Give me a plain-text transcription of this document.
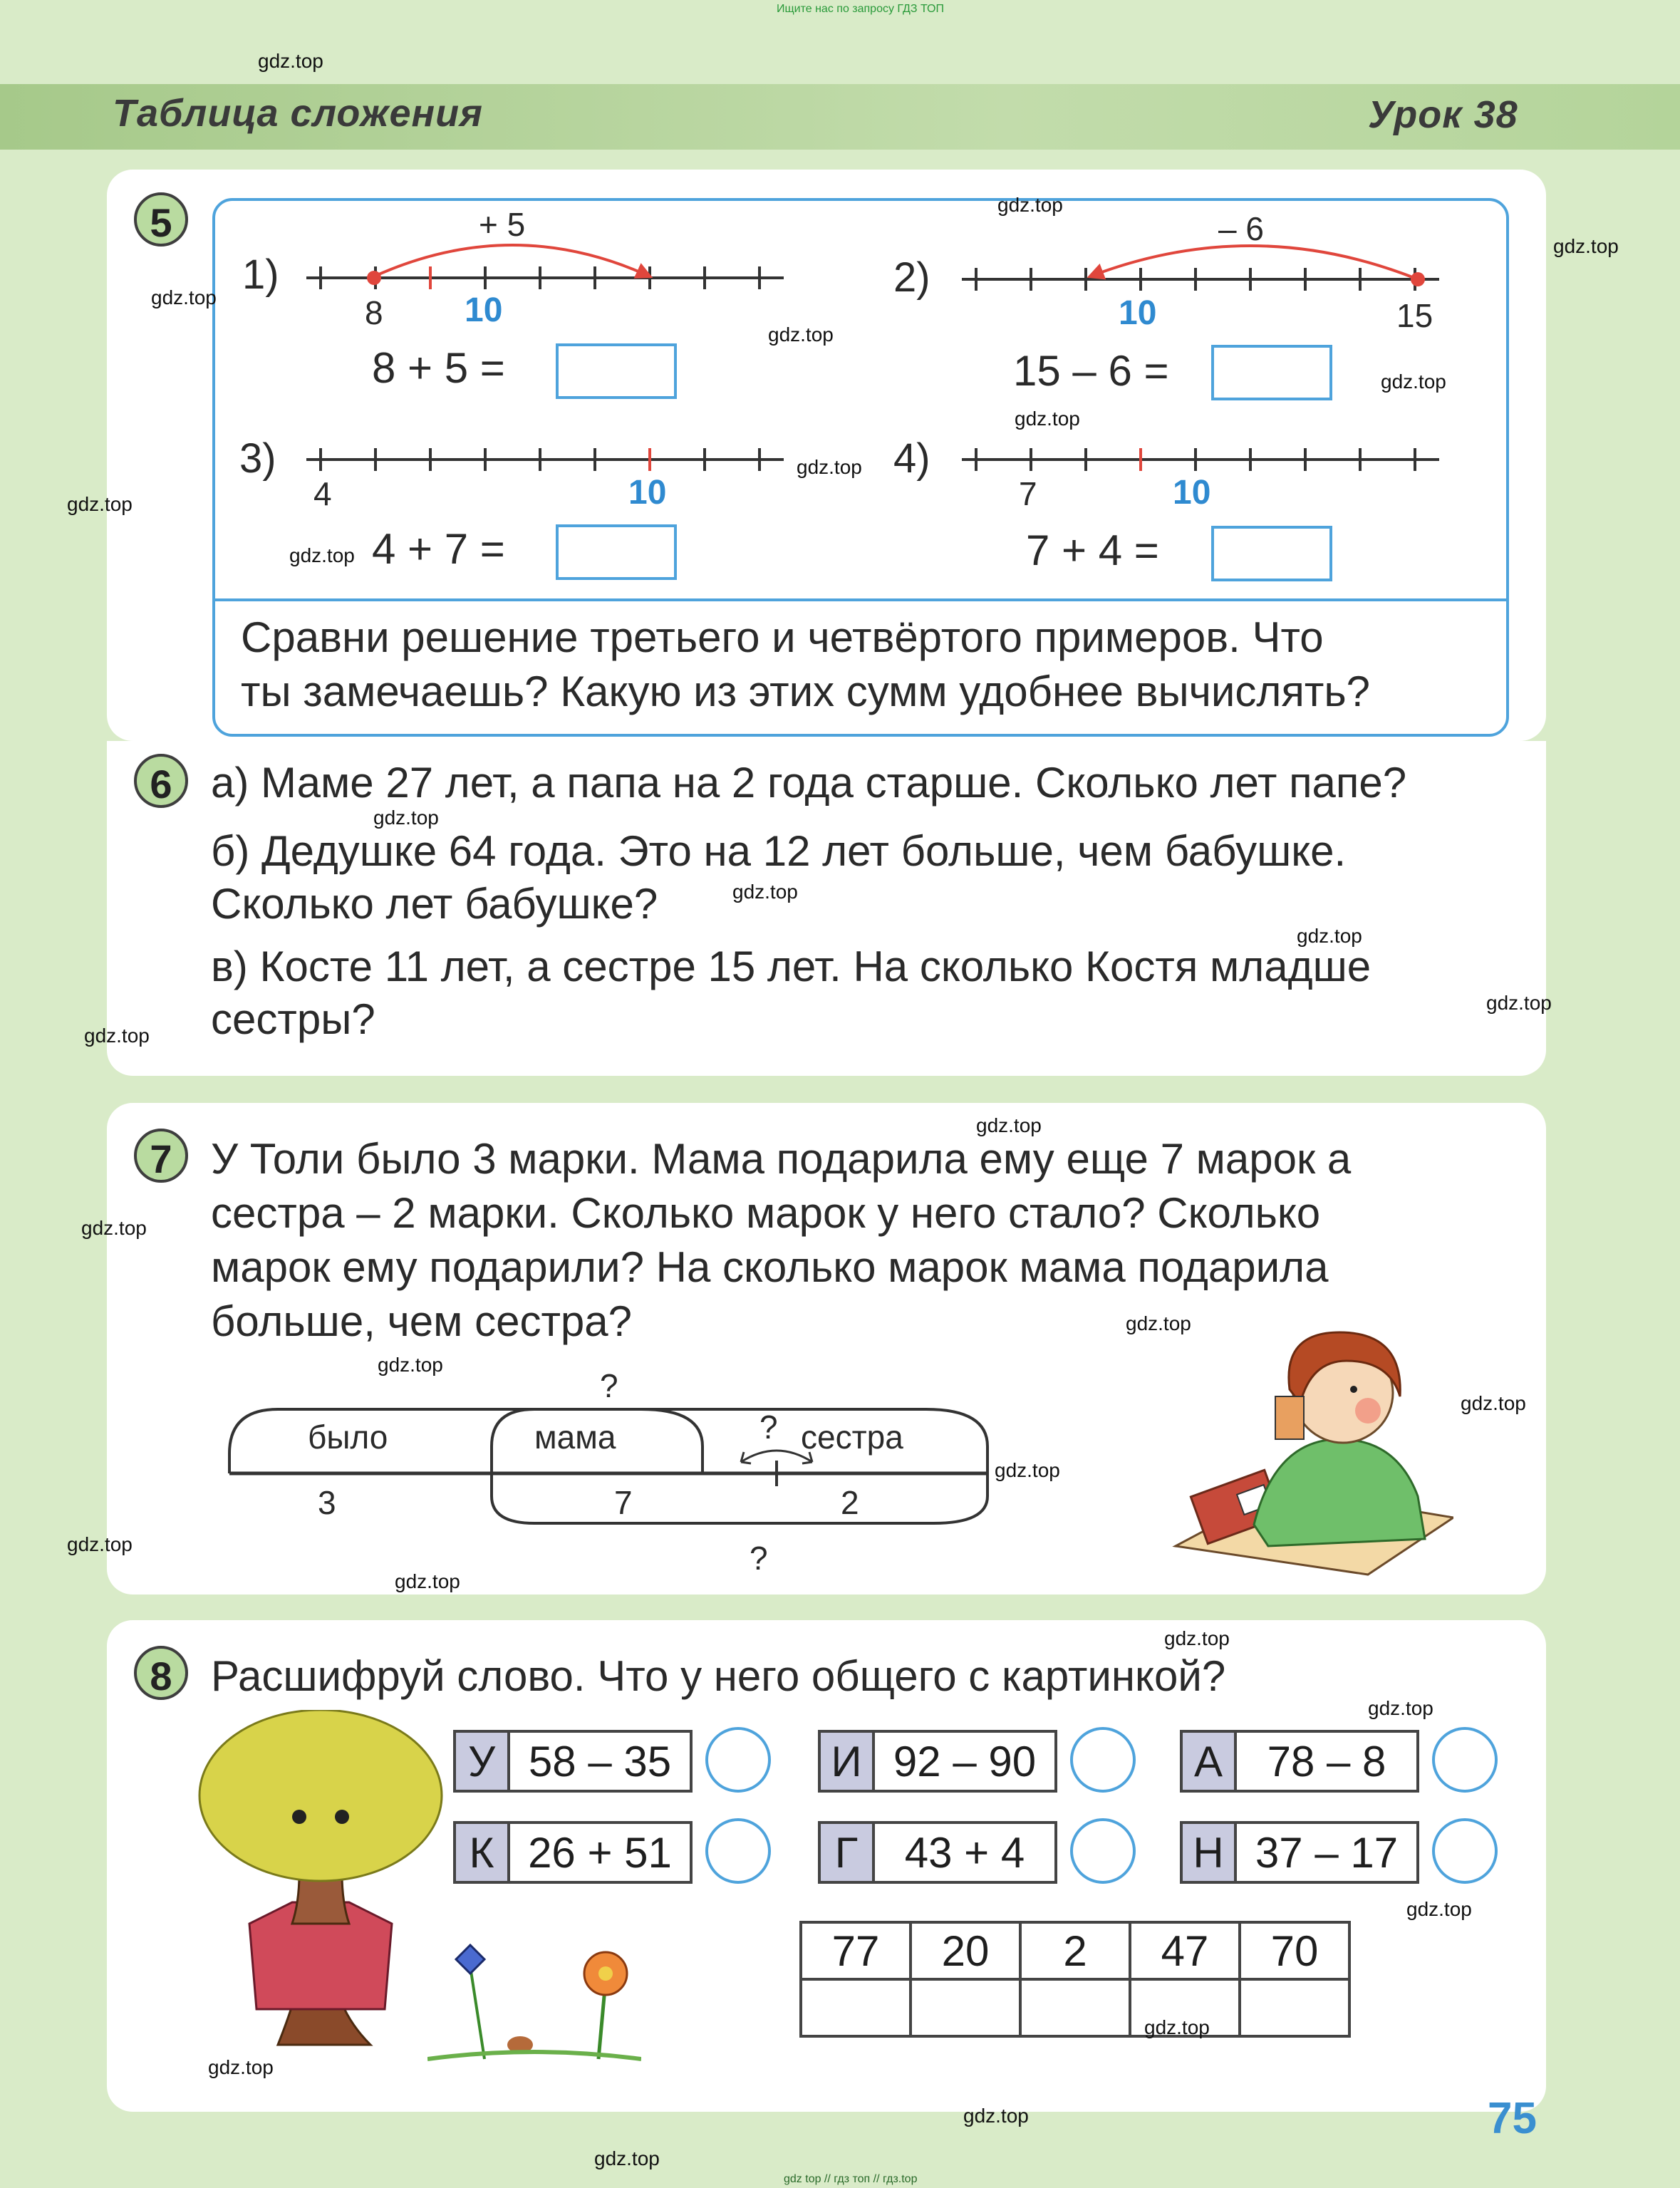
Ищите нас по запросу ГДЗ ТОП
gdz top // гдз топ // гдз.top
Таблица сложения	Урок 38
5
1)
+ 5
8 10
8 + 5 =
2)
– 6
15
10
15 – 6 =
3)
4	10
4 + 7 =
4)
7	10
7 + 4 =
Сравни решение третьего и четвёртого примеров. Что
ты замечаешь? Какую из этих сумм удобнее вычислять?
6 а) Маме 27 лет, а папа на 2 года старше. Сколько лет папе?
б) Дедушке 64 года. Это на 12 лет больше, чем бабушке.
Сколько лет бабушке?
в) Косте 11 лет, а сестре 15 лет. На сколько Костя младше
сестры?
7 У Толи было 3 марки. Мама подарила ему еще 7 марок а
сестра – 2 марки. Сколько марок у него стало? Сколько
марок ему подарили? На сколько марок мама подарила
больше, чем сестра?
?
было	мама	? сестра
3	7	2
?
8 Расшифруй слово. Что у него общего с картинкой?
У 58 – 35	И 92 – 90	А	78 – 8
К 26 + 51	Г	43 + 4	Н 37 – 17
77	20	2	47	70

75
gdz.top
gdz.top
gdz.top
gdz.top
gdz.top
gdz.top
gdz.top
gdz.top
gdz.top
gdz.top
gdz.top
gdz.top
gdz.top
gdz.top
gdz.top
gdz.top
gdz.top
gdz.top
gdz.top
gdz.top
gdz.top
gdz.top
gdz.top
gdz.top
gdz.top
gdz.top
gdz.top
gdz.top
gdz.top
gdz.top
